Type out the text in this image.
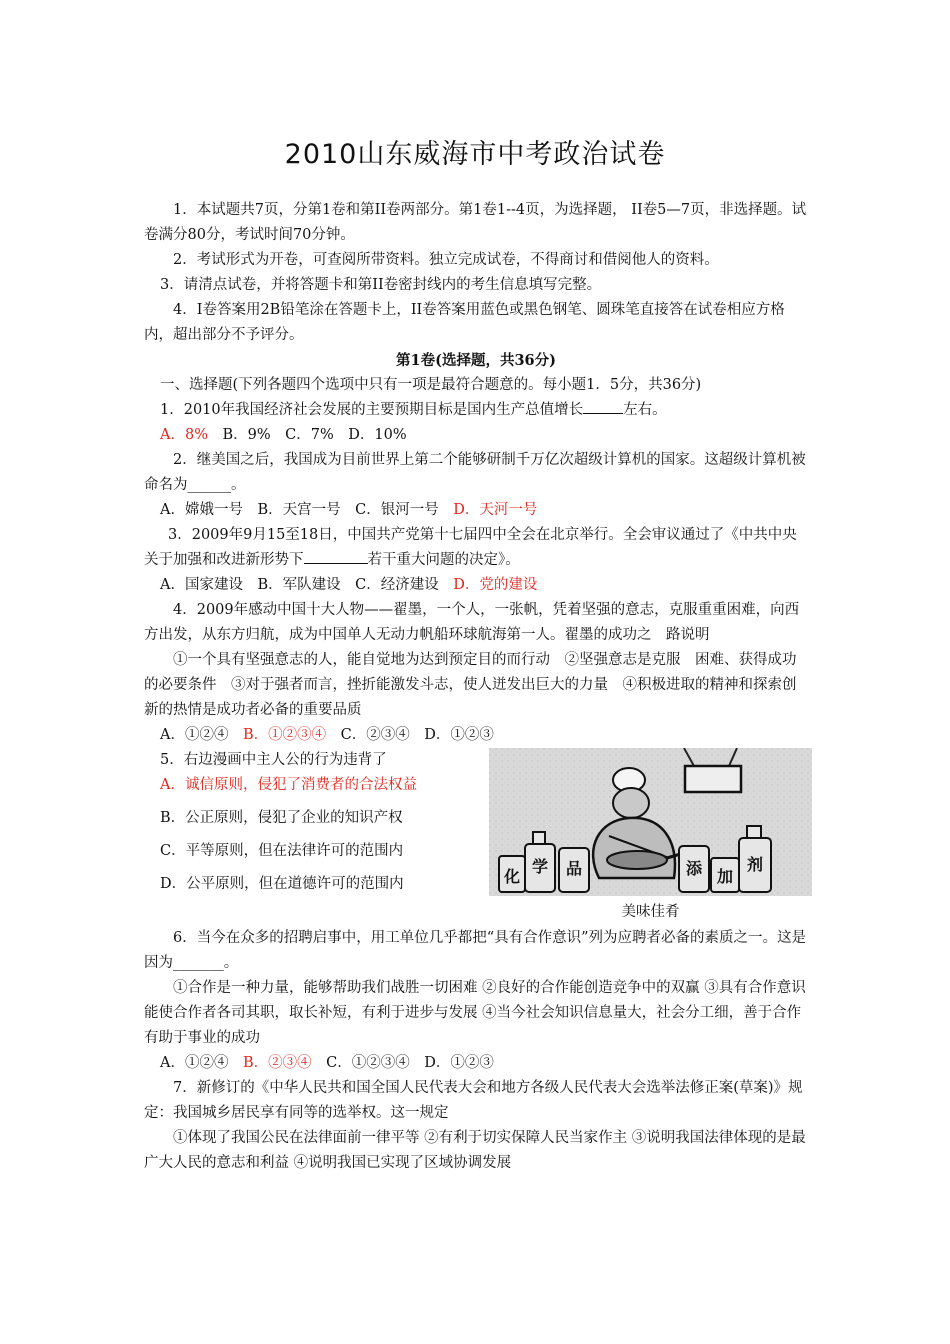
2010山东威海市中考政治试卷

1．本试题共7页，分第1卷和第II卷两部分。第1卷1--4页，为选择题， II卷5—7页，非选择题。试卷满分80分，考试时间70分钟。

2．考试形式为开卷，可查阅所带资料。独立完成试卷，不得商讨和借阅他人的资料。

3．请清点试卷，并将答题卡和第II卷密封线内的考生信息填写完整。

4．I卷答案用2B铅笔涂在答题卡上，II卷答案用蓝色或黑色钢笔、圆珠笔直接答在试卷相应方格内，超出部分不予评分。

第1卷(选择题，共36分)

一、选择题(下列各题四个选项中只有一项是最符合题意的。每小题1．5分，共36分)

1．2010年我国经济社会发展的主要预期目标是国内生产总值增长	左右。

A．8%　 B．9%　C．7%　D．10%

2．继美国之后，我国成为目前世界上第二个能够研制千万亿次超级计算机的国家。这超级计算机被命名为______。

A．嫦娥一号　B．天宫一号　C．银河一号　 D．天河一号

3．2009年9月15至18日，中国共产党第十七届四中全会在北京举行。全会审议通过了《中共中央关于加强和改进新形势下	若干重大问题的决定》。

A．国家建设　B．军队建设　C．经济建设　 D．党的建设

4．2009年感动中国十大人物——翟墨，一个人，一张帆，凭着坚强的意志，克服重重困难，向西方出发，从东方归航，成为中国单人无动力帆船环球航海第一人。翟墨的成功之　路说明

①一个具有坚强意志的人，能自觉地为达到预定目的而行动　②坚强意志是克服　困难、获得成功的必要条件　③对于强者而言，挫折能激发斗志，使人迸发出巨大的力量　④积极进取的精神和探索创新的热情是成功者必备的重要品质

A．①②④　 B．①②③④　 C．②③④　D．①②③

5．右边漫画中主人公的行为违背了
A．诚信原则，侵犯了消费者的合法权益
B．公正原则，侵犯了企业的知识产权
C．平等原则，但在法律许可的范围内
D．公平原则，但在道德许可的范围内	化
学 品	添 加
剂
美味佳肴

6．当今在众多的招聘启事中，用工单位几乎都把“具有合作意识”列为应聘者必备的素质之一。这是因为_______。

①合作是一种力量，能够帮助我们战胜一切困难 ②良好的合作能创造竞争中的双赢 ③具有合作意识能使合作者各司其职，取长补短，有利于进步与发展 ④当今社会知识信息量大，社会分工细，善于合作有助于事业的成功

A．①②④　 B．②③④　 C．①②③④　D．①②③

7．新修订的《中华人民共和国全国人民代表大会和地方各级人民代表大会选举法修正案(草案)》规定：我国城乡居民享有同等的选举权。这一规定

①体现了我国公民在法律面前一律平等 ②有利于切实保障人民当家作主 ③说明我国法律体现的是最广大人民的意志和利益 ④说明我国已实现了区域协调发展
